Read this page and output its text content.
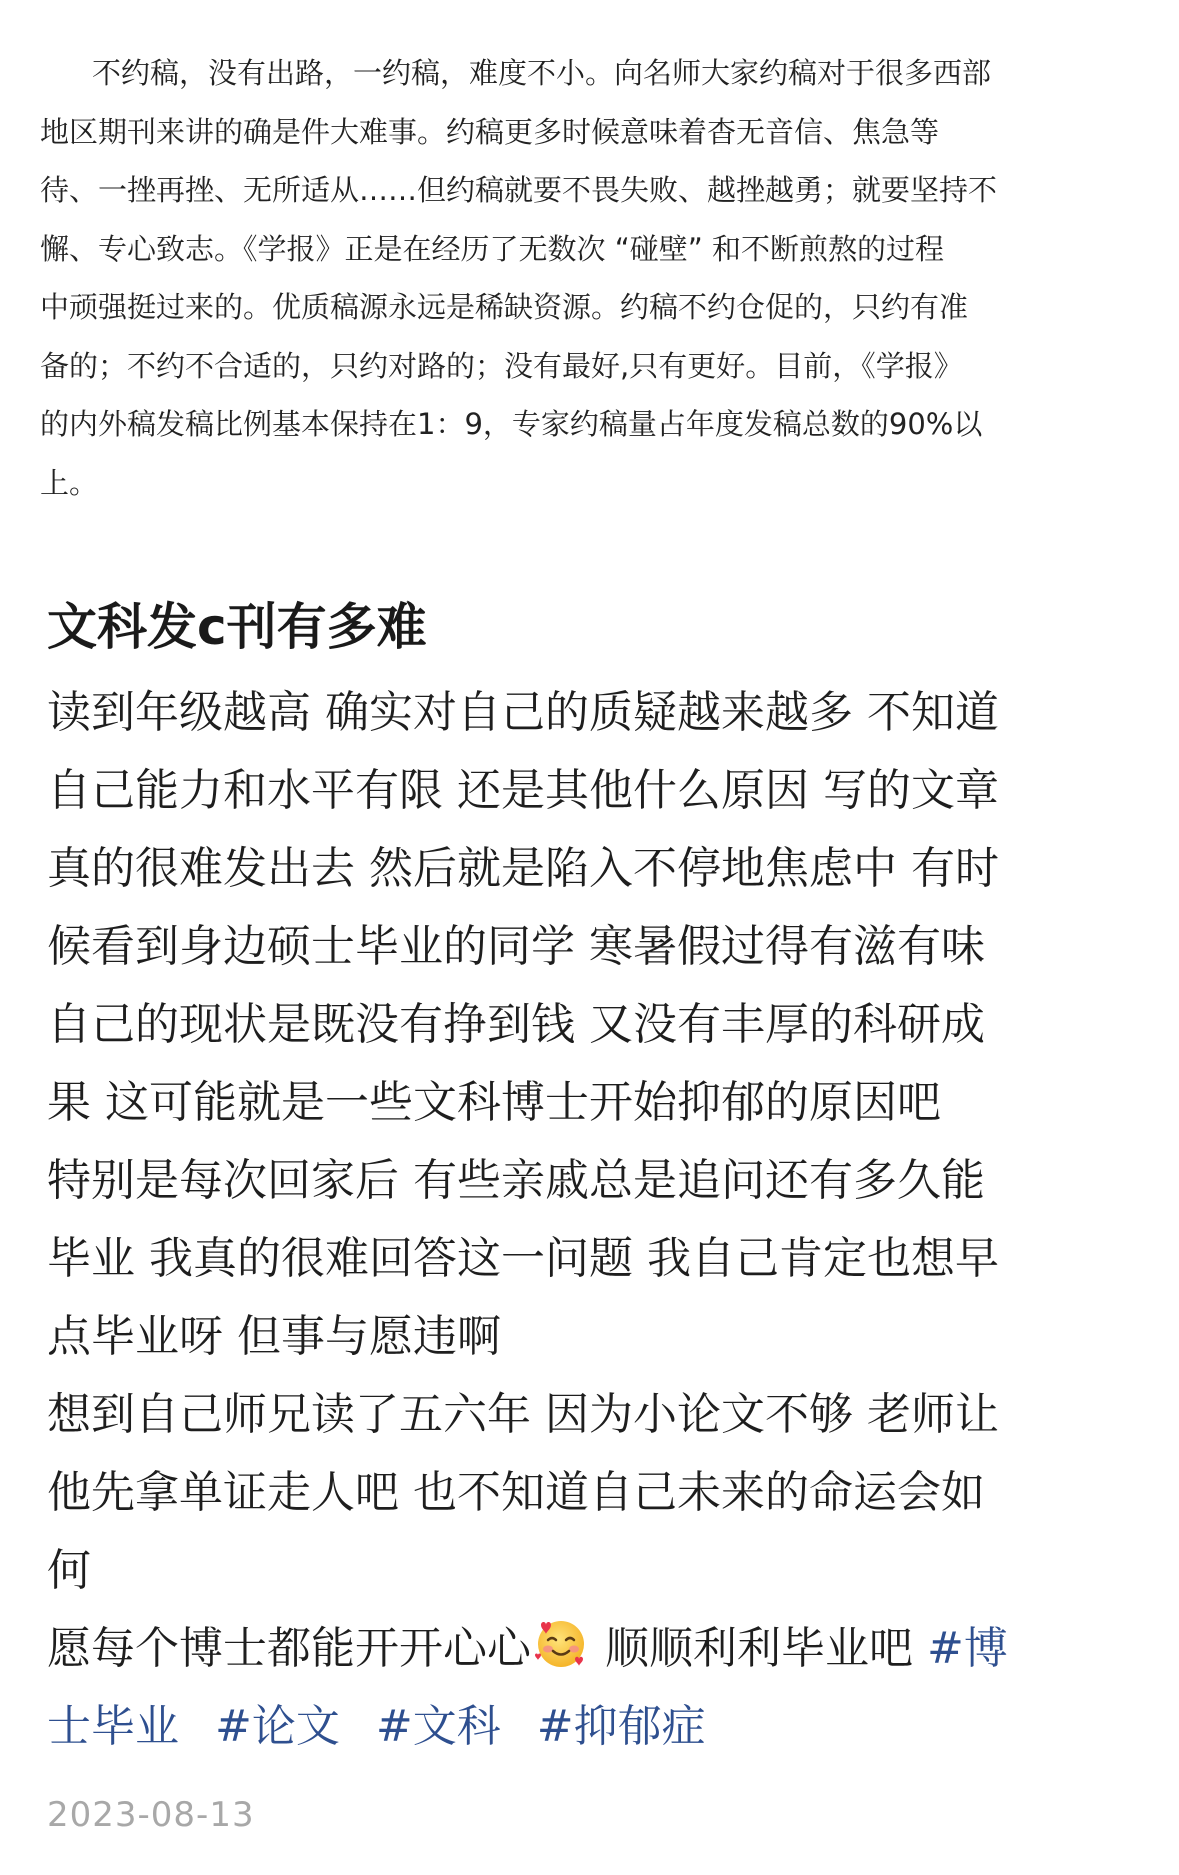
不约稿，没有出路，一约稿，难度不小。向名师大家约稿对于很多西部
地区期刊来讲的确是件大难事。约稿更多时候意味着杳无音信、焦急等
待、一挫再挫、无所适从……但约稿就要不畏失败、越挫越勇；就要坚持不
懈、专心致志。《学报》正是在经历了无数次 “碰壁” 和不断煎熬的过程
中顽强挺过来的。优质稿源永远是稀缺资源。约稿不约仓促的，只约有准
备的；不约不合适的，只约对路的；没有最好,只有更好。目前，《学报》
的内外稿发稿比例基本保持在1：9，专家约稿量占年度发稿总数的90%以
上。
文科发c刊有多难
读到年级越高 确实对自己的质疑越来越多 不知道
自己能力和水平有限 还是其他什么原因 写的文章
真的很难发出去 然后就是陷入不停地焦虑中 有时
候看到身边硕士毕业的同学 寒暑假过得有滋有味
自己的现状是既没有挣到钱 又没有丰厚的科研成
果 这可能就是一些文科博士开始抑郁的原因吧
特别是每次回家后 有些亲戚总是追问还有多久能
毕业 我真的很难回答这一问题 我自己肯定也想早
点毕业呀 但事与愿违啊
想到自己师兄读了五六年 因为小论文不够 老师让
他先拿单证走人吧 也不知道自己未来的命运会如
何
愿每个博士都能开开心心 顺顺利利毕业吧 #博
士毕业 #论文 #文科 #抑郁症
2023-08-13
